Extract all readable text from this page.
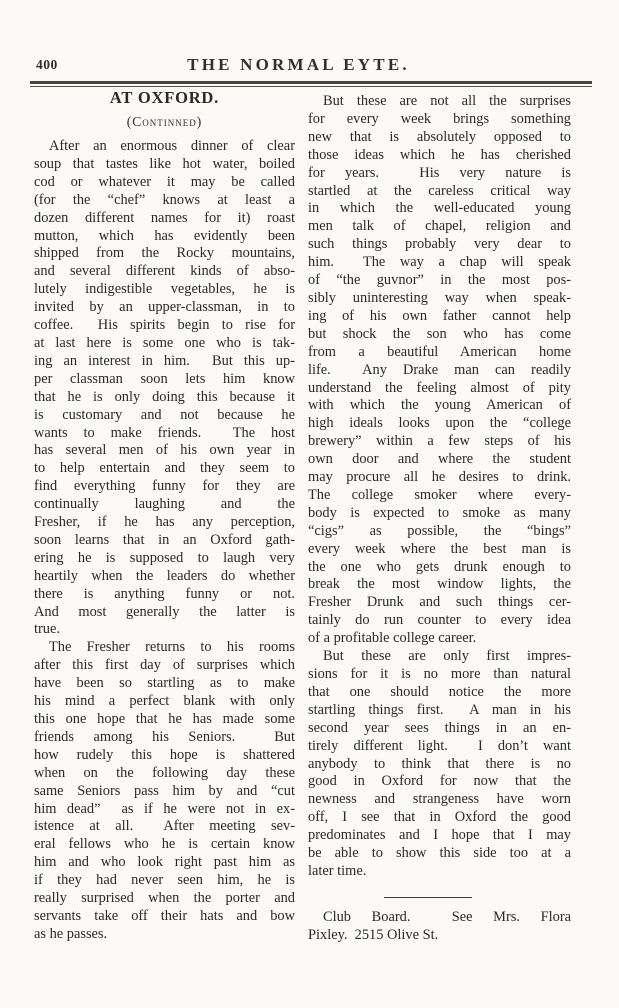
400	THE NORMAL EYTE.
AT OXFORD.
(Continned)
After an enormous dinner of clear
soup that tastes like hot water, boiled
cod or whatever it may be called
(for the “chef” knows at least a
dozen different names for it) roast
mutton, which has evidently been
shipped from the Rocky mountains,
and several different kinds of abso-
lutely indigestible vegetables, he is
invited by an upper-classman, in to
coffee.  His spirits begin to rise for
at last here is some one who is tak-
ing an interest in him.  But this up-
per classman soon lets him know
that he is only doing this because it
is customary and not because he
wants to make friends.  The host
has several men of his own year in
to help entertain and they seem to
find everything funny for they are
continually laughing and the
Fresher, if he has any perception,
soon learns that in an Oxford gath-
ering he is supposed to laugh very
heartily when the leaders do whether
there is anything funny or not.
And most generally the latter is
true.
The Fresher returns to his rooms
after this first day of surprises which
have been so startling as to make
his mind a perfect blank with only
this one hope that he has made some
friends among his Seniors.  But
how rudely this hope is shattered
when on the following day these
same Seniors pass him by and “cut
him dead”  as if he were not in ex-
istence at all.  After meeting sev-
eral fellows who he is certain know
him and who look right past him as
if they had never seen him, he is
really surprised when the porter and
servants take off their hats and bow
as he passes.
But these are not all the surprises
for every week brings something
new that is absolutely opposed to
those ideas which he has cherished
for years.  His very nature is
startled at the careless critical way
in which the well-educated young
men talk of chapel, religion and
such things probably very dear to
him.  The way a chap will speak
of “the guvnor” in the most pos-
sibly uninteresting way when speak-
ing of his own father cannot help
but shock the son who has come
from a beautiful American home
life.  Any Drake man can readily
understand the feeling almost of pity
with which the young American of
high ideals looks upon the “college
brewery” within a few steps of his
own door and where the student
may procure all he desires to drink.
The college smoker where every-
body is expected to smoke as many
“cigs” as possible, the “bings”
every week where the best man is
the one who gets drunk enough to
break the most window lights, the
Fresher Drunk and such things cer-
tainly do run counter to every idea
of a profitable college career.
But these are only first impres-
sions for it is no more than natural
that one should notice the more
startling things first.  A man in his
second year sees things in an en-
tirely different light.  I don’t want
anybody to think that there is no
good in Oxford for now that the
newness and strangeness have worn
off, I see that in Oxford the good
predominates and I hope that I may
be able to show this side too at a
later time.
Club Board.  See Mrs. Flora
Pixley.  2515 Olive St.
